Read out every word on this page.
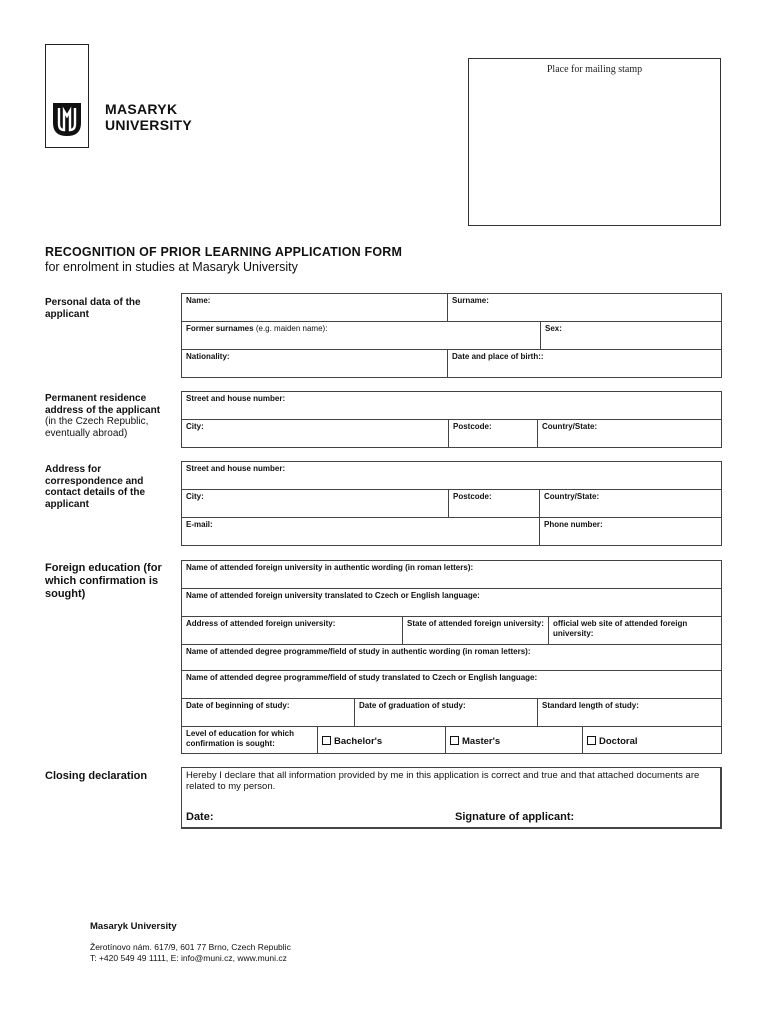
MASARYK
UNIVERSITY
Place for mailing stamp
RECOGNITION OF PRIOR LEARNING APPLICATION FORM
for enrolment in studies at Masaryk University
Personal data of the applicant
Name:	Surname:
Former surnames (e.g. maiden name):	Sex:
Nationality:	Date and place of birth::
Permanent residence address of the applicant
(in the Czech Republic, eventually abroad)
Street and house number:
City:	Postcode:	Country/State:
Address for correspondence and contact details of the applicant
Street and house number:
City:	Postcode:	Country/State:
E-mail:	Phone number:
Foreign education (for which confirmation is sought)
Name of attended foreign university in authentic wording (in roman letters):
Name of attended foreign university translated to Czech or English language:
Address of attended foreign university:	State of attended foreign university:	official web site of attended foreign university:
Name of attended degree programme/field of study in authentic wording (in roman letters):
Name of attended degree programme/field of study translated to Czech or English language:
Date of beginning of study:	Date of graduation of study:	Standard length of study:
Level of education for which confirmation is sought:	Bachelor's	Master's	Doctoral
Closing declaration	Hereby I declare that all information provided by me in this application is correct and true and that attached documents are related to my person.
Date:	Signature of applicant:
Masaryk University
Žerotínovo nám. 617/9, 601 77 Brno, Czech Republic
T: +420 549 49 1111, E: info@muni.cz, www.muni.cz
